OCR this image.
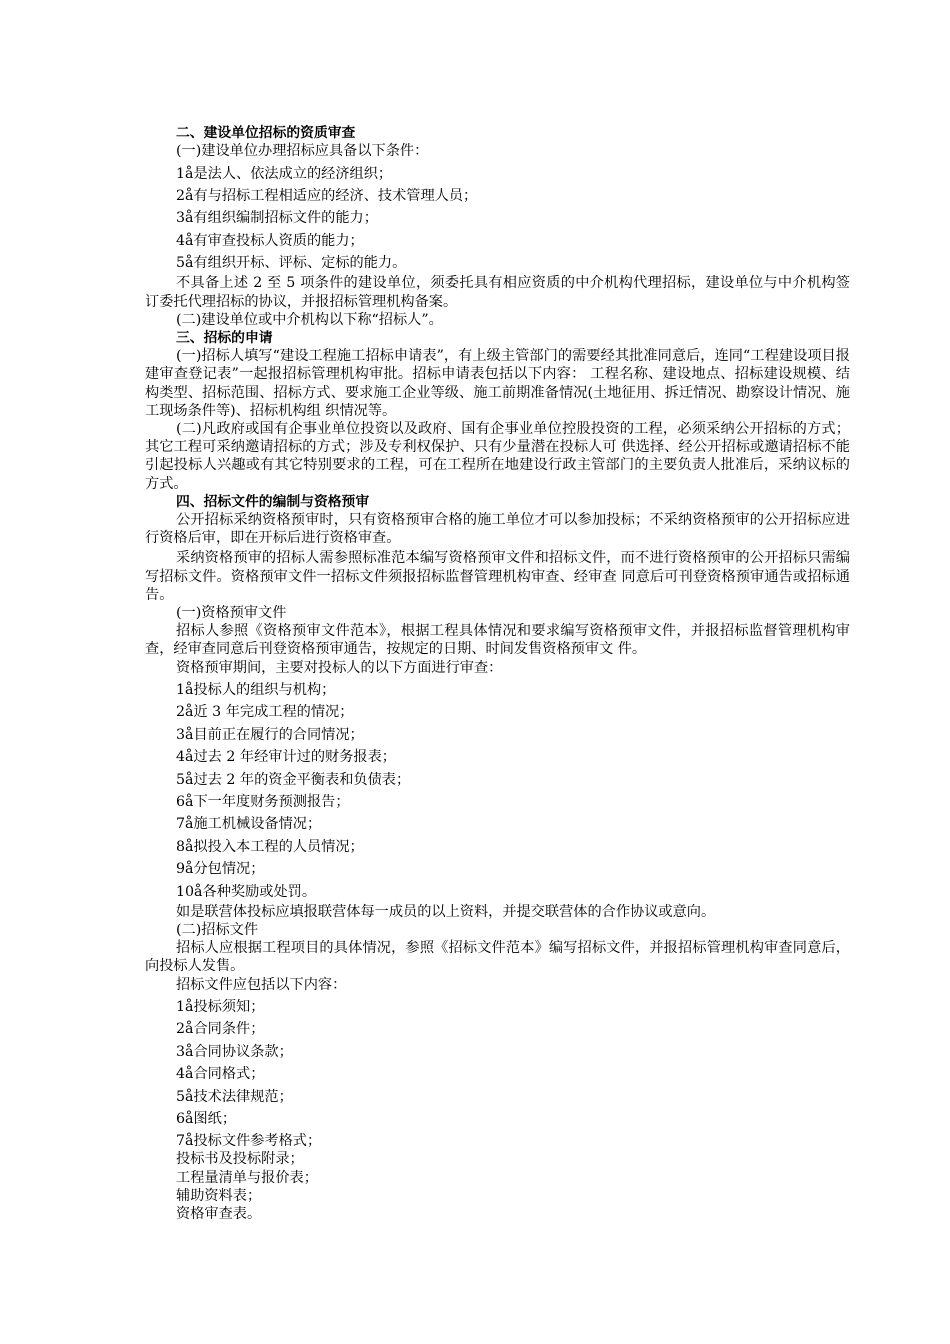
二、建设单位招标的资质审查

(一)建设单位办理招标应具备以下条件：

1å是法人、依法成立的经济组织；

2å有与招标工程相适应的经济、技术管理人员；

3å有组织编制招标文件的能力；

4å有审查投标人资质的能力；

5å有组织开标、评标、定标的能力。

不具备上述 2 至 5 项条件的建设单位，须委托具有相应资质的中介机构代理招标，建设单位与中介机构签订委托代理招标的协议，并报招标管理机构备案。

(二)建设单位或中介机构以下称“招标人”。

三、招标的申请

(一)招标人填写“建设工程施工招标申请表”，有上级主管部门的需要经其批准同意后，连同“工程建设项目报建审查登记表”一起报招标管理机构审批。招标申请表包括以下内容： 工程名称、建设地点、招标建设规模、结构类型、招标范围、招标方式、要求施工企业等级、施工前期准备情况(土地征用、拆迁情况、勘察设计情况、施工现场条件等)、招标机构组 织情况等。

(二)凡政府或国有企事业单位投资以及政府、国有企事业单位控股投资的工程，必须采纳公开招标的方式；其它工程可采纳邀请招标的方式；涉及专利权保护、只有少量潜在投标人可 供选择、经公开招标或邀请招标不能引起投标人兴趣或有其它特别要求的工程，可在工程所在地建设行政主管部门的主要负责人批准后，采纳议标的方式。

四、招标文件的编制与资格预审

公开招标采纳资格预审时，只有资格预审合格的施工单位才可以参加投标；不采纳资格预审的公开招标应进行资格后审，即在开标后进行资格审查。

采纳资格预审的招标人需参照标准范本编写资格预审文件和招标文件，而不进行资格预审的公开招标只需编写招标文件。资格预审文件一招标文件须报招标监督管理机构审查、经审查 同意后可刊登资格预审通告或招标通告。

(一)资格预审文件

招标人参照《资格预审文件范本》，根据工程具体情况和要求编写资格预审文件，并报招标监督管理机构审查，经审查同意后刊登资格预审通告，按规定的日期、时间发售资格预审文 件。

资格预审期间，主要对投标人的以下方面进行审查：

1å投标人的组织与机构；

2å近 3 年完成工程的情况；

3å目前正在履行的合同情况；

4å过去 2 年经审计过的财务报表；

5å过去 2 年的资金平衡表和负债表；

6å下一年度财务预测报告；

7å施工机械设备情况；

8å拟投入本工程的人员情况；

9å分包情况；

10å各种奖励或处罚。

如是联营体投标应填报联营体每一成员的以上资料，并提交联营体的合作协议或意向。

(二)招标文件

招标人应根据工程项目的具体情况，参照《招标文件范本》编写招标文件，并报招标管理机构审查同意后，向投标人发售。

招标文件应包括以下内容：

1å投标须知；

2å合同条件；

3å合同协议条款；

4å合同格式；

5å技术法律规范；

6å图纸；

7å投标文件参考格式；

投标书及投标附录；

工程量清单与报价表；

辅助资料表；

资格审查表。
